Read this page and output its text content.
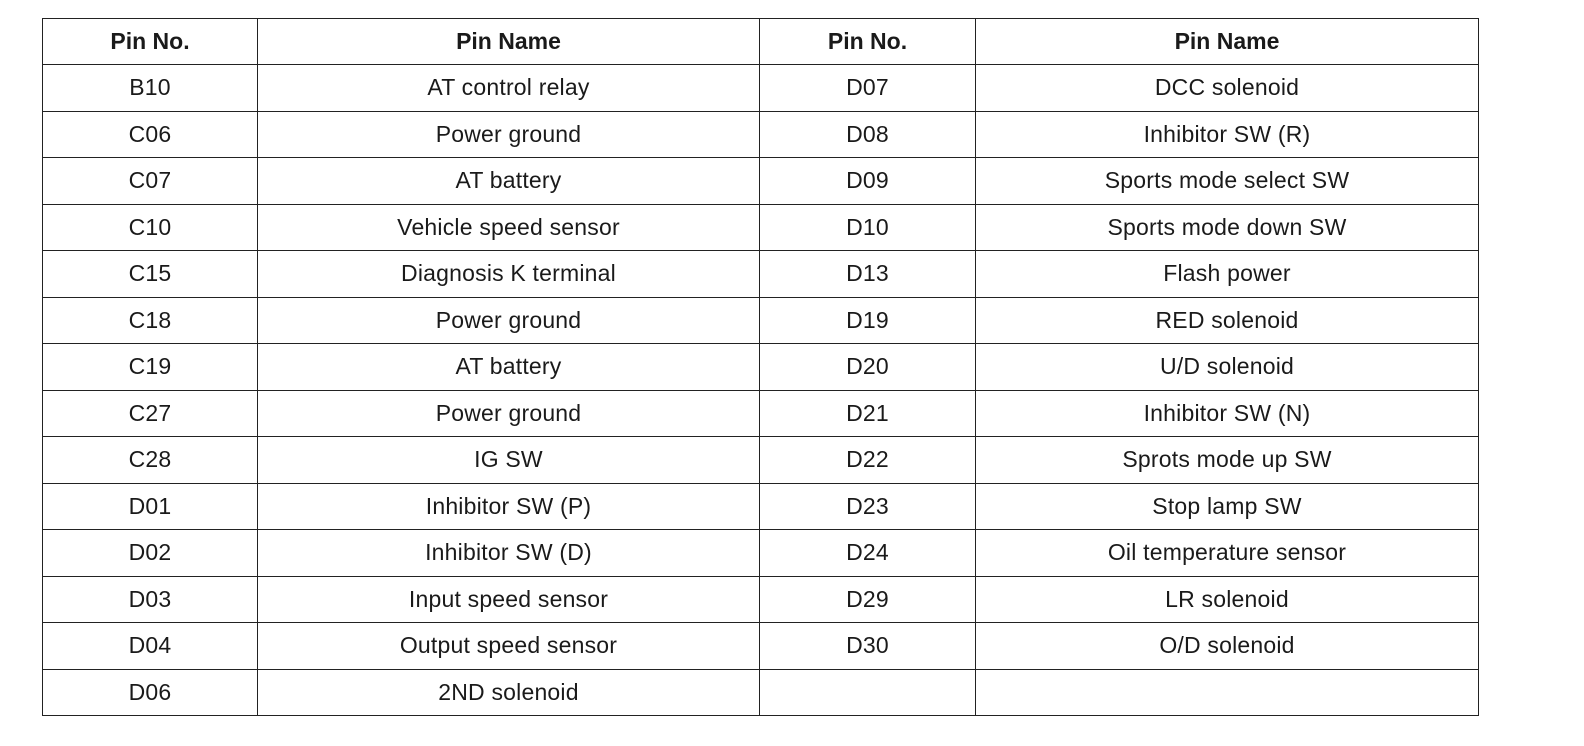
Pin No.	Pin Name	Pin No.	Pin Name
B10	AT control relay	D07	DCC solenoid
C06	Power ground	D08	Inhibitor SW (R)
C07	AT battery	D09	Sports mode select SW
C10	Vehicle speed sensor	D10	Sports mode down SW
C15	Diagnosis K terminal	D13	Flash power
C18	Power ground	D19	RED solenoid
C19	AT battery	D20	U/D solenoid
C27	Power ground	D21	Inhibitor SW (N)
C28	IG SW	D22	Sprots mode up SW
D01	Inhibitor SW (P)	D23	Stop lamp SW
D02	Inhibitor SW (D)	D24	Oil temperature sensor
D03	Input speed sensor	D29	LR solenoid
D04	Output speed sensor	D30	O/D solenoid
D06	2ND solenoid		
